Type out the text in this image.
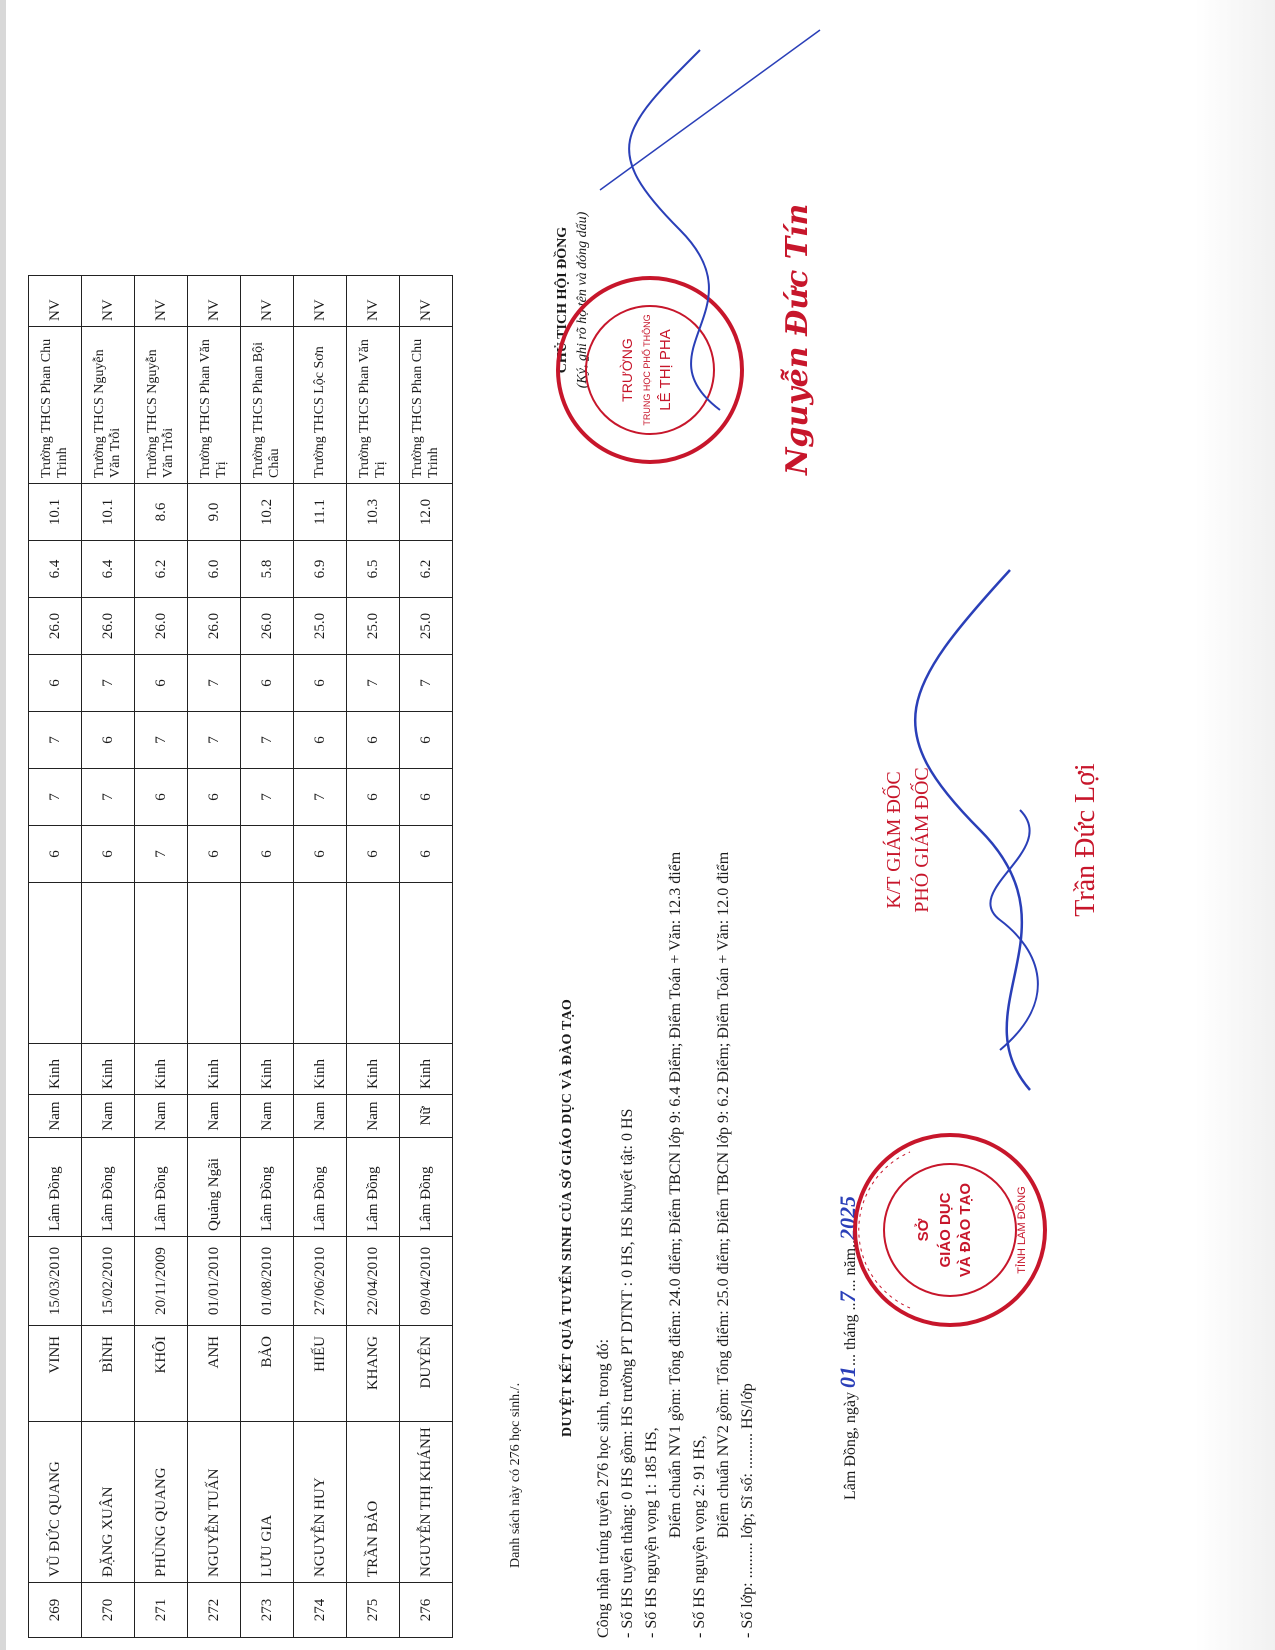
269	VŨ ĐỨC QUANG	VINH	15/03/2010	Lâm Đồng	Nam	Kinh		6	7	7	6	26.0	6.4	10.1	Trường THCS Phan Chu Trinh	NV
270	ĐẶNG XUÂN	BÌNH	15/02/2010	Lâm Đồng	Nam	Kinh		6	7	6	7	26.0	6.4	10.1	Trường THCS Nguyễn Văn Trỗi	NV
271	PHÙNG QUANG	KHÔI	20/11/2009	Lâm Đồng	Nam	Kinh		7	6	7	6	26.0	6.2	8.6	Trường THCS Nguyễn Văn Trỗi	NV
272	NGUYỄN TUẤN	ANH	01/01/2010	Quảng Ngãi	Nam	Kinh		6	6	7	7	26.0	6.0	9.0	Trường THCS Phan Văn Trị	NV
273	LƯU GIA	BẢO	01/08/2010	Lâm Đồng	Nam	Kinh		6	7	7	6	26.0	5.8	10.2	Trường THCS Phan Bội Châu	NV
274	NGUYỄN HUY	HIẾU	27/06/2010	Lâm Đồng	Nam	Kinh		6	7	6	6	25.0	6.9	11.1	Trường THCS Lộc Sơn	NV
275	TRẦN BẢO	KHANG	22/04/2010	Lâm Đồng	Nam	Kinh		6	6	6	7	25.0	6.5	10.3	Trường THCS Phan Văn Trị	NV
276	NGUYỄN THỊ KHÁNH	DUYÊN	09/04/2010	Lâm Đồng	Nữ	Kinh		6	6	6	7	25.0	6.2	12.0	Trường THCS Phan Chu Trinh	NV
Danh sách này có 276 học sinh./.
DUYỆT KẾT QUẢ TUYỂN SINH CỦA SỞ GIÁO DỤC VÀ ĐÀO TẠO
Công nhận trúng tuyển 276 học sinh, trong đó: - Số HS tuyển thẳng: 0 HS gồm: HS trường PT DTNT : 0 HS, HS khuyết tật: 0 HS - Số HS nguyện vọng 1: 185 HS, Điểm chuẩn NV1 gồm: Tổng điểm: 24.0 điểm; Điểm TBCN lớp 9: 6.4 Điểm; Điểm Toán + Văn: 12.3 điểm - Số HS nguyện vọng 2: 91 HS, Điểm chuẩn NV2 gồm: Tổng điểm: 25.0 điểm; Điểm TBCN lớp 9: 6.2 Điểm; Điểm Toán + Văn: 12.0 điểm - Số lớp: ......... lớp; Sĩ số: ......... HS/lớp	Lâm Đồng, ngày 01... tháng ..7... năm..2025
K/T GIÁM ĐỐC PHÓ GIÁM ĐỐC	Trần Đức Lợi
CHỦ TỊCH HỘI ĐỒNG (Ký, ghi rõ họ tên và đóng dấu)	Nguyễn Đức Tín
SỞ GIÁO DỤC VÀ ĐÀO TẠO	TỈNH LÂM ĐỒNG
TRƯỜNG TRUNG HỌC PHỔ THÔNG LÊ THỊ PHA
